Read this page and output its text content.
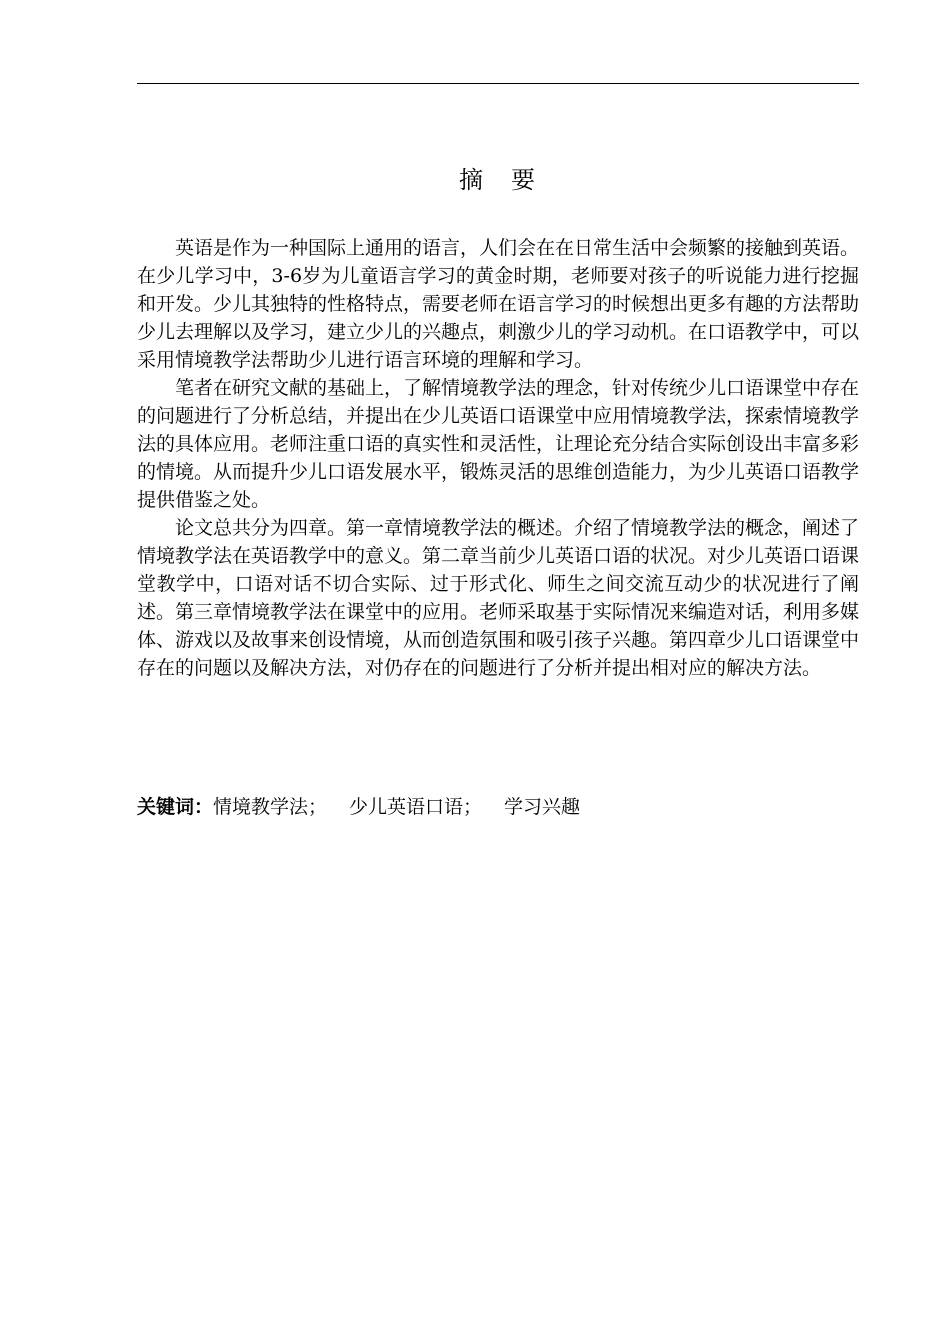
摘　要

英语是作为一种国际上通用的语言，人们会在在日常生活中会频繁的接触到英语。在少儿学习中，3-6岁为儿童语言学习的黄金时期，老师要对孩子的听说能力进行挖掘和开发。少儿其独特的性格特点，需要老师在语言学习的时候想出更多有趣的方法帮助少儿去理解以及学习，建立少儿的兴趣点，刺激少儿的学习动机。在口语教学中，可以采用情境教学法帮助少儿进行语言环境的理解和学习。

笔者在研究文献的基础上，了解情境教学法的理念，针对传统少儿口语课堂中存在的问题进行了分析总结，并提出在少儿英语口语课堂中应用情境教学法，探索情境教学法的具体应用。老师注重口语的真实性和灵活性，让理论充分结合实际创设出丰富多彩的情境。从而提升少儿口语发展水平，锻炼灵活的思维创造能力，为少儿英语口语教学提供借鉴之处。

论文总共分为四章。第一章情境教学法的概述。介绍了情境教学法的概念，阐述了情境教学法在英语教学中的意义。第二章当前少儿英语口语的状况。对少儿英语口语课堂教学中，口语对话不切合实际、过于形式化、师生之间交流互动少的状况进行了阐述。第三章情境教学法在课堂中的应用。老师采取基于实际情况来编造对话，利用多媒体、游戏以及故事来创设情境，从而创造氛围和吸引孩子兴趣。第四章少儿口语课堂中存在的问题以及解决方法，对仍存在的问题进行了分析并提出相对应的解决方法。

关键词：情境教学法； 少儿英语口语； 学习兴趣
